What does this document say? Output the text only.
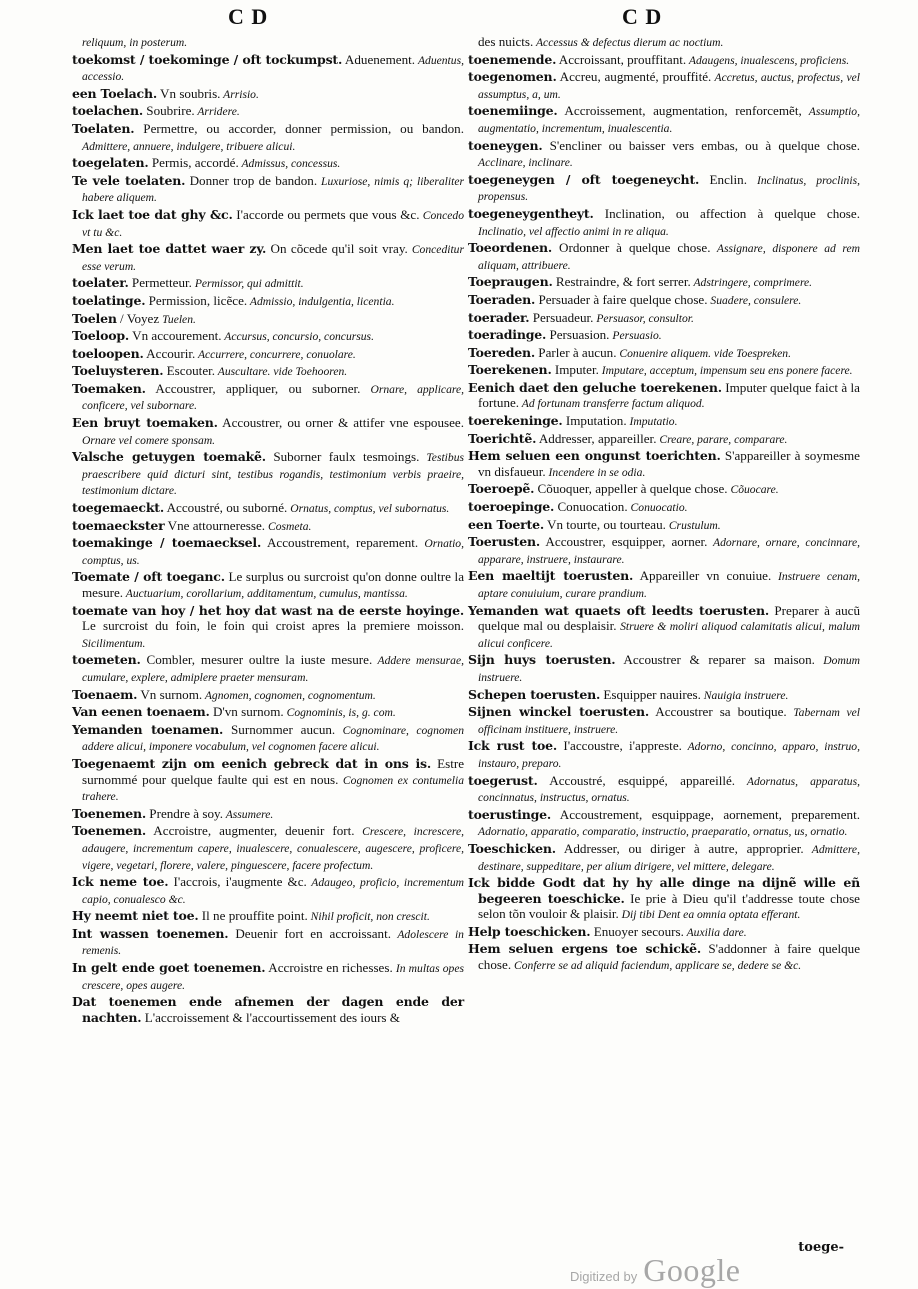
C D	C D

reliquum, in posterum.

toekomst / toekominge / oft tockumpst. Aduenement. Aduentus, accessio.

een Toelach. Vn soubris. Arrisio.

toelachen. Soubrire. Arridere.

Toelaten. Permettre, ou accorder, donner permission, ou bandon. Admittere, annuere, indulgere, tribuere alicui.

toegelaten. Permis, accordé. Admissus, concessus.

Te vele toelaten. Donner trop de bandon. Luxuriose, nimis q; liberaliter habere aliquem.

Ick laet toe dat ghy &c. I'accorde ou permets que vous &c. Concedo vt tu &c.

Men laet toe dattet waer zy. On cõcede qu'il soit vray. Conceditur esse verum.

toelater. Permetteur. Permissor, qui admittit.

toelatinge. Permission, licẽce. Admissio, indulgentia, licentia.

Toelen / Voyez Tuelen.

Toeloop. Vn accourement. Accursus, concursio, concursus.

toeloopen. Accourir. Accurrere, concurrere, conuolare.

Toeluysteren. Escouter. Auscultare. vide Toehooren.

Toemaken. Accoustrer, appliquer, ou suborner. Ornare, applicare, conficere, vel subornare.

Een bruyt toemaken. Accoustrer, ou orner & attifer vne espousee. Ornare vel comere sponsam.

Valsche getuygen toemakẽ. Suborner faulx tesmoings. Testibus praescribere quid dicturi sint, testibus rogandis, testimonium verbis praeire, testimonium dictare.

toegemaeckt. Accoustré, ou suborné. Ornatus, comptus, vel subornatus.

toemaeckster Vne attourneresse. Cosmeta.

toemakinge / toemaecksel. Accoustrement, reparement. Ornatio, comptus, us.

Toemate / oft toeganc. Le surplus ou surcroist qu'on donne oultre la mesure. Auctuarium, corollarium, additamentum, cumulus, mantissa.

toemate van hoy / het hoy dat wast na de eerste hoyinge. Le surcroist du foin, le foin qui croist apres la premiere moisson. Sicilimentum.

toemeten. Combler, mesurer oultre la iuste mesure. Addere mensurae, cumulare, explere, admiplere praeter mensuram.

Toenaem. Vn surnom. Agnomen, cognomen, cognomentum.

Van eenen toenaem. D'vn surnom. Cognominis, is, g. com.

Yemanden toenamen. Surnommer aucun. Cognominare, cognomen addere alicui, imponere vocabulum, vel cognomen facere alicui.

Toegenaemt zijn om eenich gebreck dat in ons is. Estre surnommé pour quelque faulte qui est en nous. Cognomen ex contumelia trahere.

Toenemen. Prendre à soy. Assumere.

Toenemen. Accroistre, augmenter, deuenir fort. Crescere, increscere, adaugere, incrementum capere, inualescere, conualescere, augescere, proficere, vigere, vegetari, florere, valere, pinguescere, facere profectum.

Ick neme toe. I'accrois, i'augmente &c. Adaugeo, proficio, incrementum capio, conualesco &c.

Hy neemt niet toe. Il ne prouffite point. Nihil proficit, non crescit.

Int wassen toenemen. Deuenir fort en accroissant. Adolescere in remenis.

In gelt ende goet toenemen. Accroistre en richesses. In multas opes crescere, opes augere.

Dat toenemen ende afnemen der dagen ende der nachten. L'accroissement & l'accourtissement des iours &

des nuicts. Accessus & defectus dierum ac noctium.

toenemende. Accroissant, prouffitant. Adaugens, inualescens, proficiens.

toegenomen. Accreu, augmenté, prouffité. Accretus, auctus, profectus, vel assumptus, a, um.

toenemiinge. Accroissement, augmentation, renforcemẽt, Assumptio, augmentatio, incrementum, inualescentia.

toeneygen. S'encliner ou baisser vers embas, ou à quelque chose. Acclinare, inclinare.

toegeneygen / oft toegeneycht. Enclin. Inclinatus, proclinis, propensus.

toegeneygentheyt. Inclination, ou affection à quelque chose. Inclinatio, vel affectio animi in re aliqua.

Toeordenen. Ordonner à quelque chose. Assignare, disponere ad rem aliquam, attribuere.

Toepraugen. Restraindre, & fort serrer. Adstringere, comprimere.

Toeraden. Persuader à faire quelque chose. Suadere, consulere.

toerader. Persuadeur. Persuasor, consultor.

toeradinge. Persuasion. Persuasio.

Toereden. Parler à aucun. Conuenire aliquem. vide Toespreken.

Toerekenen. Imputer. Imputare, acceptum, impensum seu ens ponere facere.

Eenich daet den geluche toerekenen. Imputer quelque faict à la fortune. Ad fortunam transferre factum aliquod.

toerekeninge. Imputation. Imputatio.

Toerichtẽ. Addresser, appareiller. Creare, parare, comparare.

Hem seluen een ongunst toerichten. S'appareiller à soymesme vn disfaueur. Incendere in se odia.

Toeroepẽ. Cõuoquer, appeller à quelque chose. Cõuocare.

toeroepinge. Conuocation. Conuocatio.

een Toerte. Vn tourte, ou tourteau. Crustulum.

Toerusten. Accoustrer, esquipper, aorner. Adornare, ornare, concinnare, apparare, instruere, instaurare.

Een maeltijt toerusten. Appareiller vn conuiue. Instruere cenam, aptare conuiuium, curare prandium.

Yemanden wat quaets oft leedts toerusten. Preparer à aucũ quelque mal ou desplaisir. Struere & moliri aliquod calamitatis alicui, malum alicui conficere.

Sijn huys toerusten. Accoustrer & reparer sa maison. Domum instruere.

Schepen toerusten. Esquipper nauires. Nauigia instruere.

Sijnen winckel toerusten. Accoustrer sa boutique. Tabernam vel officinam instituere, instruere.

Ick rust toe. I'accoustre, i'appreste. Adorno, concinno, apparo, instruo, instauro, preparo.

toegerust. Accoustré, esquippé, appareillé. Adornatus, apparatus, concinnatus, instructus, ornatus.

toerustinge. Accoustrement, esquippage, aornement, preparement. Adornatio, apparatio, comparatio, instructio, praeparatio, ornatus, us, ornatio.

Toeschicken. Addresser, ou diriger à autre, approprier. Admittere, destinare, suppeditare, per alium dirigere, vel mittere, delegare.

Ick bidde Godt dat hy hy alle dinge na dijnẽ wille eñ begeeren toeschicke. Ie prie à Dieu qu'il t'addresse toute chose selon tõn vouloir & plaisir. Dij tibi Dent ea omnia optata efferant.

Help toeschicken. Enuoyer secours. Auxilia dare.

Hem seluen ergens toe schickẽ. S'addonner à faire quelque chose. Conferre se ad aliquid faciendum, applicare se, dedere se &c.

toege-
Digitized by Google
